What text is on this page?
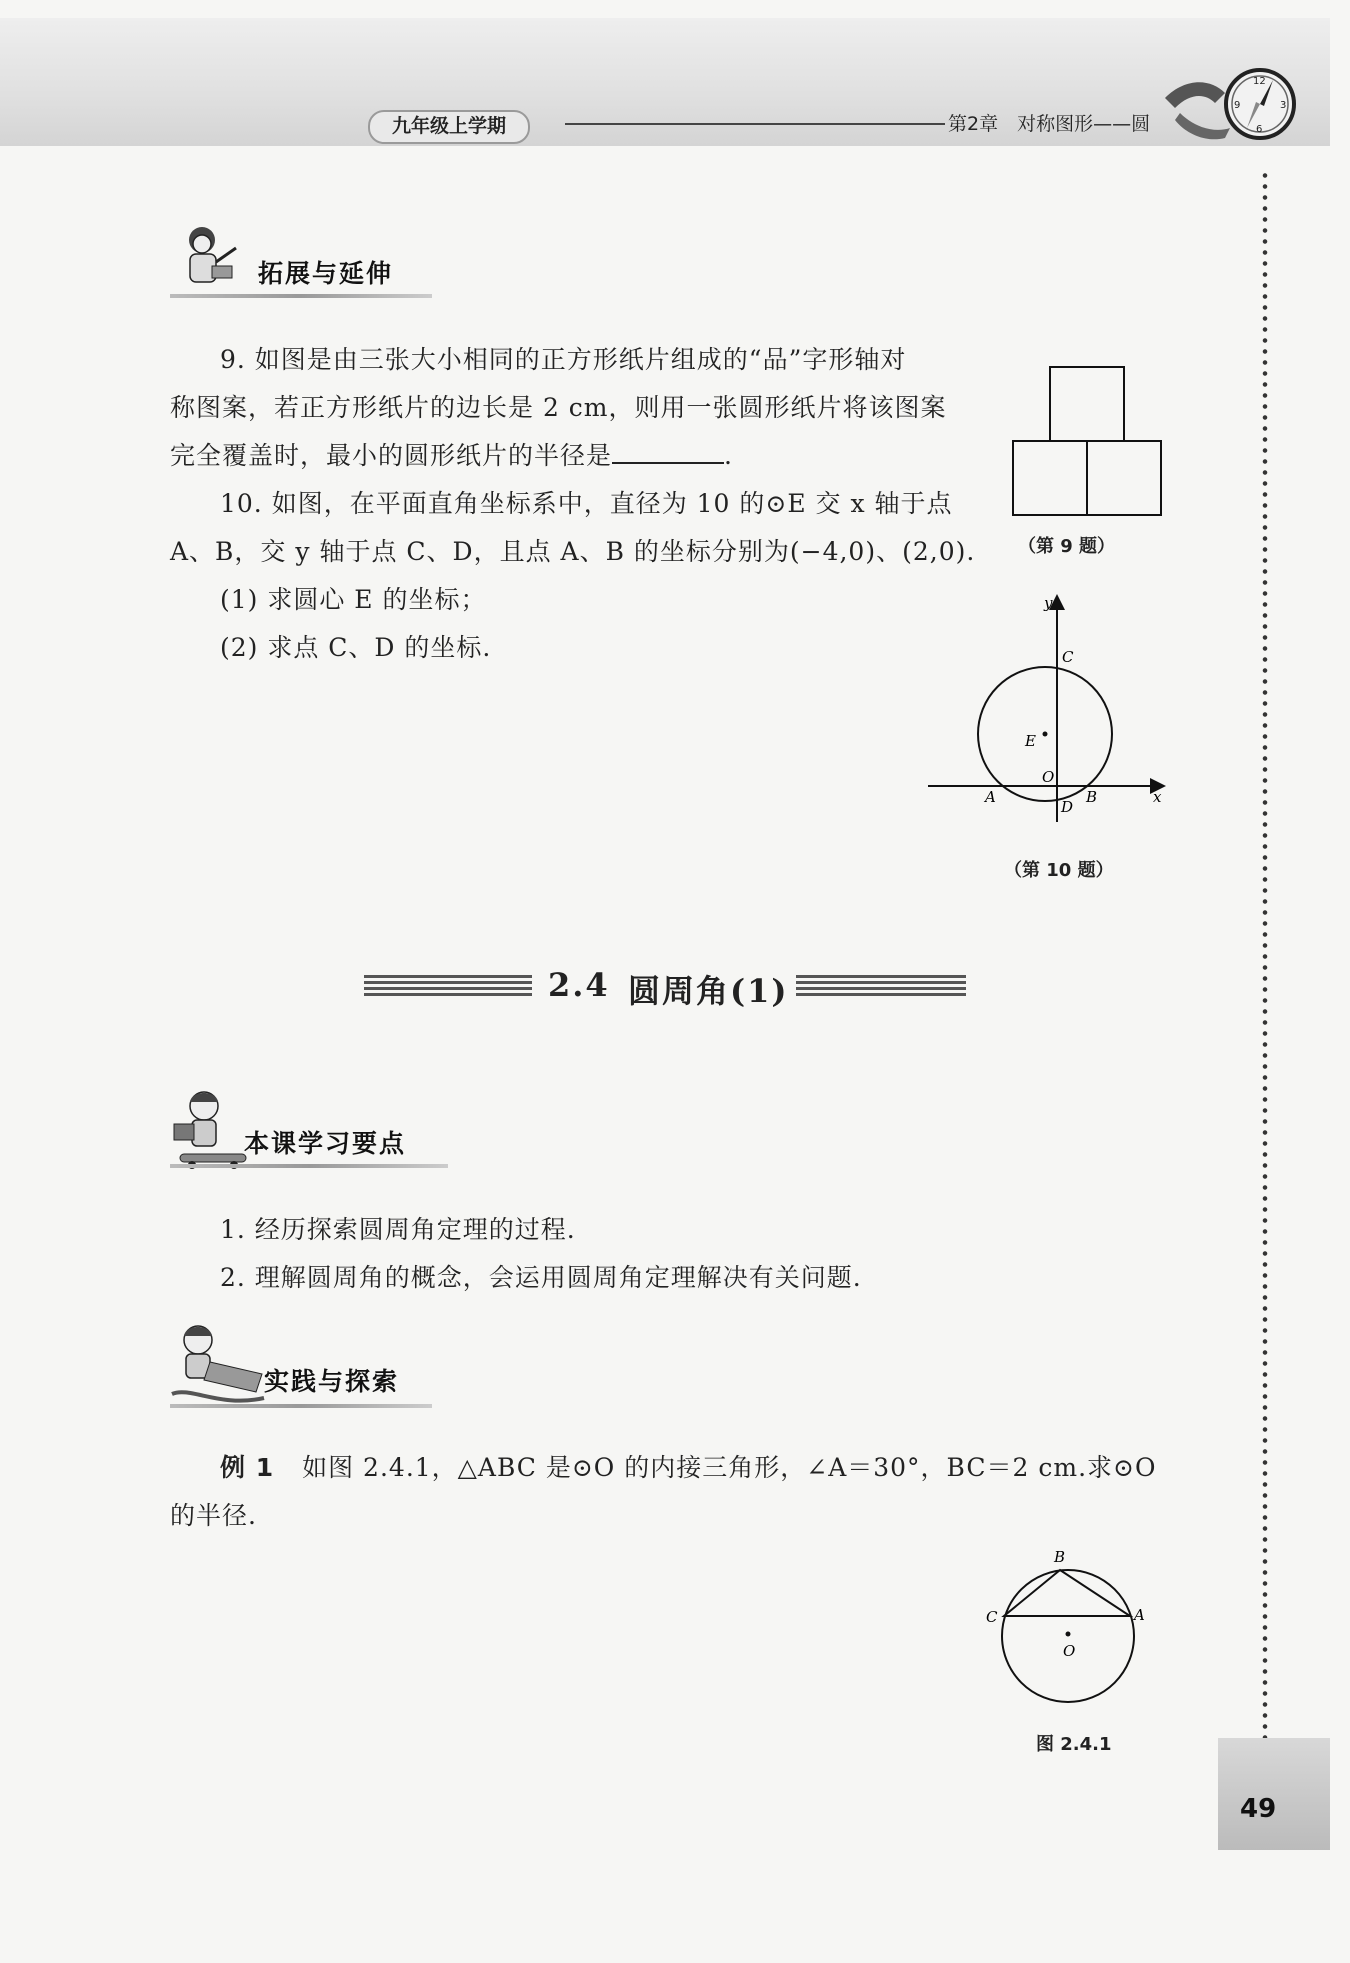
九年级上学期	第2章　对称图形——圆
12
9	3
6
拓展与延伸
9. 如图是由三张大小相同的正方形纸片组成的“品”字形轴对
称图案，若正方形纸片的边长是 2 cm，则用一张圆形纸片将该图案
完全覆盖时，最小的圆形纸片的半径是	.
（第 9 题）
10. 如图，在平面直角坐标系中，直径为 10 的⊙E 交 x 轴于点
A、B，交 y 轴于点 C、D，且点 A、B 的坐标分别为(−4,0)、(2,0).
(1) 求圆心 E 的坐标；
(2) 求点 C、D 的坐标.
y
x
C
E
O
A	B
D
（第 10 题）
2.4 圆周角(1)
本课学习要点
1. 经历探索圆周角定理的过程.
2. 理解圆周角的概念，会运用圆周角定理解决有关问题.
实践与探索
例 1 如图 2.4.1，△ABC 是⊙O 的内接三角形，∠A＝30°，BC＝2 cm.求⊙O
的半径.
B
C	A
O
图 2.4.1
49
